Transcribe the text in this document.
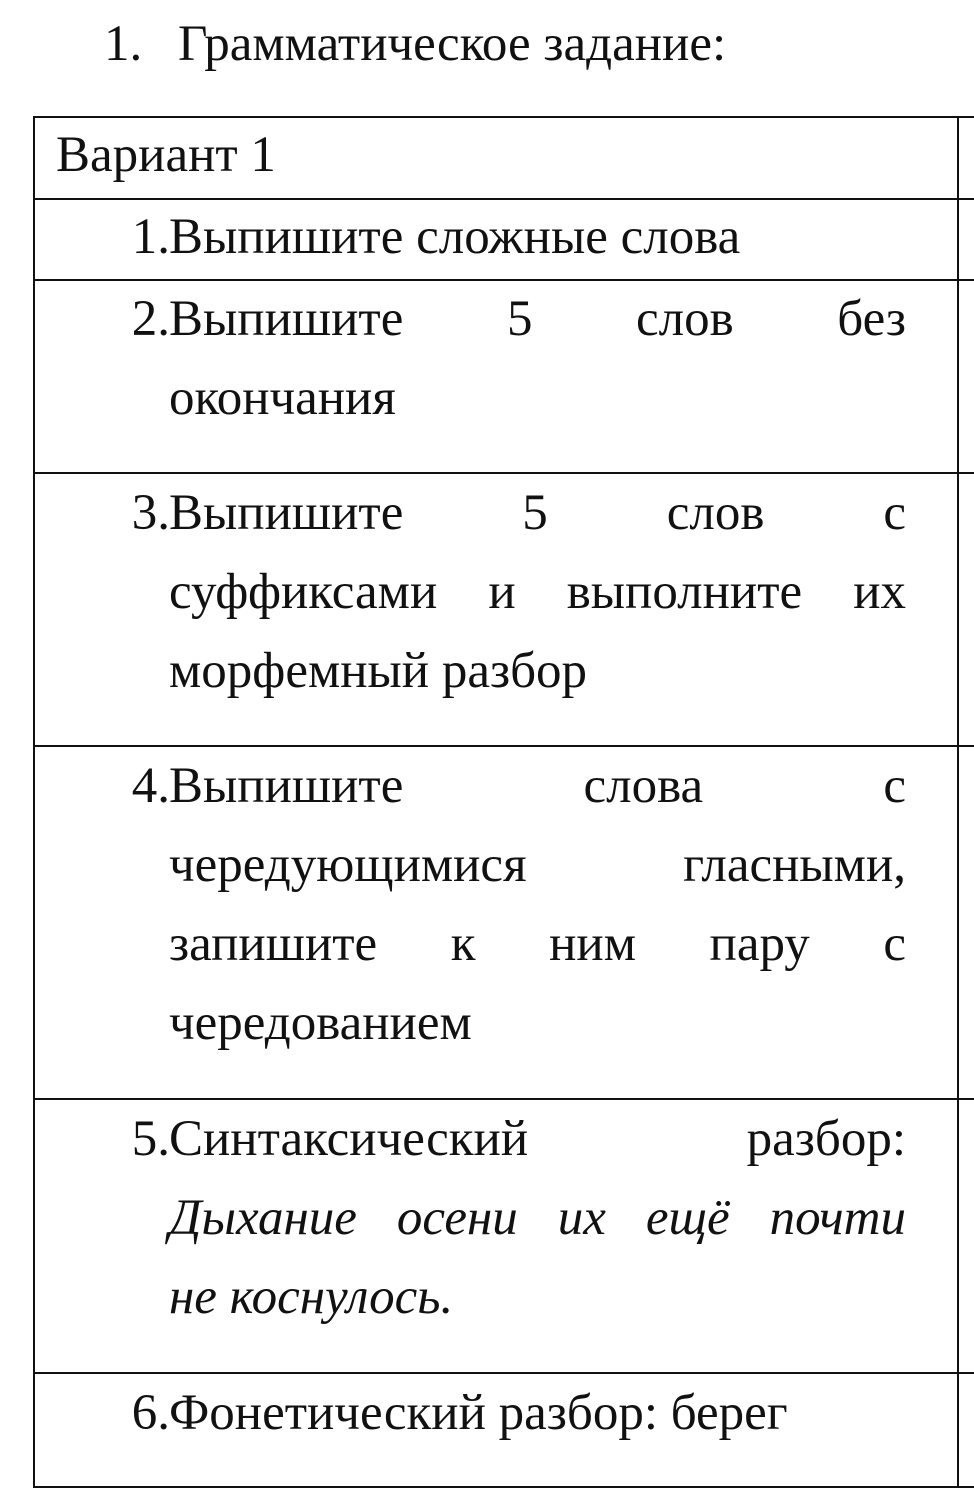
1. Грамматическое задание:
Вариант 1
1. Выпишите сложные слова
2. Выпишите 5 слов без
окончания
3. Выпишите 5 слов с
суффиксами и выполните их
морфемный разбор
4. Выпишите слова с
чередующимися гласными,
запишите к ним пару с
чередованием
5. Синтаксический разбор:
Дыхание осени их ещё почти
не коснулось.
6. Фонетический разбор: берег
